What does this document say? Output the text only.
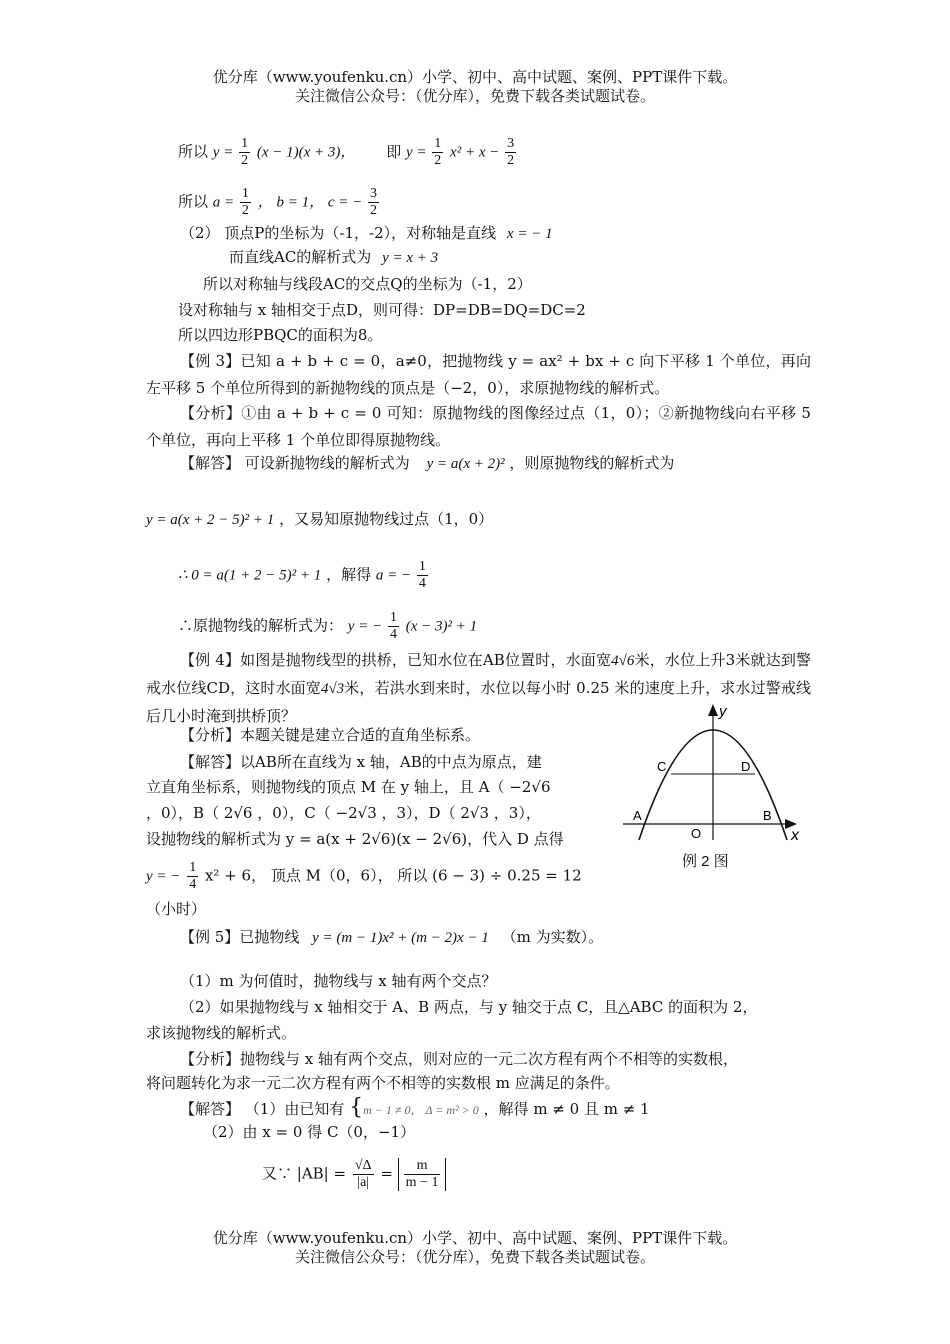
优分库（www.youfenku.cn）小学、初中、高中试题、案例、PPT课件下载。
关注微信公众号：（优分库），免费下载各类试题试卷。
所以 $y = \frac{1}{2} (x - 1)(x + 3)$， 即 $y = \frac{1}{2} x^2 + x - \frac{3}{2}$
所以 $a = \frac{1}{2}$ ， b = 1， c = − $\frac{3}{2}$
（2） 顶点P的坐标为（-1，-2），对称轴是直线 x = − 1
而直线AC的解析式为 y = x + 3
所以对称轴与线段AC的交点Q的坐标为（-1，2）
设对称轴与 x 轴相交于点D，则可得：DP=DB=DQ=DC=2
所以四边形PBQC的面积为8。
【例 3】已知 a + b + c = 0，a≠0，把抛物线 y = ax² + bx + c 向下平移 1 个单位，再向左平移 5 个单位所得到的新抛物线的顶点是（−2，0），求原抛物线的解析式。
【分析】①由 a + b + c = 0 可知：原抛物线的图像经过点（1，0）；②新抛物线向右平移 5 个单位，再向上平移 1 个单位即得原抛物线。
【解答】 可设新抛物线的解析式为 y = a(x + 2)² ，则原抛物线的解析式为
y = a(x + 2 − 5)² + 1 ，又易知原抛物线过点（1，0）
∴ 0 = a(1 + 2 − 5)² + 1 ，解得 a = − $\frac{1}{4}$
∴原抛物线的解析式为： y = − $\frac{1}{4} (x - 3)^2 + 1$
【例 4】如图是抛物线型的拱桥，已知水位在AB位置时，水面宽4√6米，水位上升3米就达到警戒水位线CD，这时水面宽4√3米，若洪水到来时，水位以每小时 0.25 米的速度上升，求水过警戒线后几小时淹到拱桥顶？
【分析】本题关键是建立合适的直角坐标系。
【解答】以AB所在直线为 x 轴，AB的中点为原点，建
立直角坐标系，则抛物线的顶点 M 在 y 轴上，且 A（ −2√6
，0），B（ 2√6 ，0），C（ −2√3 ，3），D（ 2√3 ，3），
设抛物线的解析式为 y = a(x + 2√6)(x − 2√6)，代入 D 点得
y = − $\frac{1}{4} x^2 + 6$， 顶点 M（0，6）， 所以 (6 − 3) ÷ 0.25 = 12
（小时）
y
x
C	D
A	B
O
例 2 图
【例 5】已抛物线 y = (m − 1)x² + (m − 2)x − 1 （m 为实数）。
（1）m 为何值时，抛物线与 x 轴有两个交点？
（2）如果抛物线与 x 轴相交于 A、B 两点，与 y 轴交于点 C，且△ABC 的面积为 2，
求该抛物线的解析式。
【分析】抛物线与 x 轴有两个交点，则对应的一元二次方程有两个不相等的实数根，
将问题转化为求一元二次方程有两个不相等的实数根 m 应满足的条件。
【解答】 （1）由已知有 {m − 1 ≠ 0， Δ = m² > 0 ，解得 m ≠ 0 且 m ≠ 1
（2）由 x = 0 得 C（0，−1）
又∵ $|AB| = \frac{√\Delta}{|a|} = \frac{m}{m - 1}$
优分库（www.youfenku.cn）小学、初中、高中试题、案例、PPT课件下载。
关注微信公众号：（优分库），免费下载各类试题试卷。
